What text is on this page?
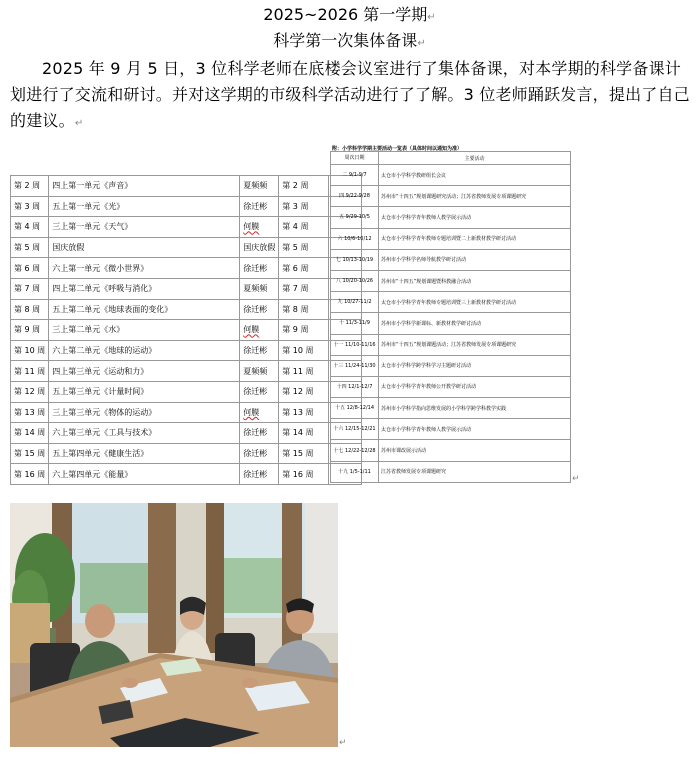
2025~2026 第一学期↵
科学第一次集体备课↵
2025 年 9 月 5 日，3 位科学老师在底楼会议室进行了集体备课，对本学期的科学备课计划进行了交流和研讨。并对这学期的市级科学活动进行了了解。3 位老师踊跃发言，提出了自己的建议。↵
第 2 周	四上第一单元《声音》	夏频频	第 2 周	
第 3 周	五上第一单元《光》	徐迁彬	第 3 周	
第 4 周	三上第一单元《天气》	何膜	第 4 周	
第 5 周	国庆放假	国庆放假	第 5 周	
第 6 周	六上第一单元《微小世界》	徐迁彬	第 6 周	
第 7 周	四上第二单元《呼吸与消化》	夏频频	第 7 周	
第 8 周	五上第二单元《地球表面的变化》	徐迁彬	第 8 周	
第 9 周	三上第二单元《水》	何膜	第 9 周	
第 10 周	六上第二单元《地球的运动》	徐迁彬	第 10 周	
第 11 周	四上第三单元《运动和力》	夏频频	第 11 周	
第 12 周	五上第三单元《计量时间》	徐迁彬	第 12 周	
第 13 周	三上第三单元《物体的运动》	何膜	第 13 周	
第 14 周	六上第三单元《工具与技术》	徐迁彬	第 14 周	
第 15 周	五上第四单元《健康生活》	徐迁彬	第 15 周	
第 16 周	六上第四单元《能量》	徐迁彬	第 16 周	
附：小学科学学期主要活动一览表（具体时间以通知为准）
周次日期	主要活动
二 9/1-9/7	太仓市小学科学教研组长会议
四 9/22-9/28	苏州市“十四五”规划课题研究活动；江苏省教师发展专项课题研究
五 9/29-10/5	太仓市小学科学青年教师人教学展示活动
六 10/6-10/12	太仓市小学科学青年教师专题培训暨二上新教材教学研讨活动
七 10/13-10/19	苏州市小学科学名师导航教学研讨活动
八 10/20-10/26	苏州市“十四五”规划课题暨科教融合活动
九 10/27-11/2	太仓市小学科学青年教师专题培训暨三上新教材教学研讨活动
十 11/3-11/9	苏州市小学科学新课标、新教材教学研讨活动
十一 11/10-11/16	苏州市“十四五”规划课题活动；江苏省教师发展专项课题研究
十三 11/24-11/30	太仓市小学科学跨学科学习主题研讨活动
十四 12/1-12/7	太仓市小学科学青年教师公开教学研讨活动
十五 12/8-12/14	苏州市小学科学指向思维发展的小学科学跨学科教学实践
十六 12/15-12/21	太仓市小学科学青年教师人教学展示活动
十七 12/22-12/28	苏州市课改展示活动
十九 1/5-1/11	江苏省教师发展专项课题研究
↵
↵
